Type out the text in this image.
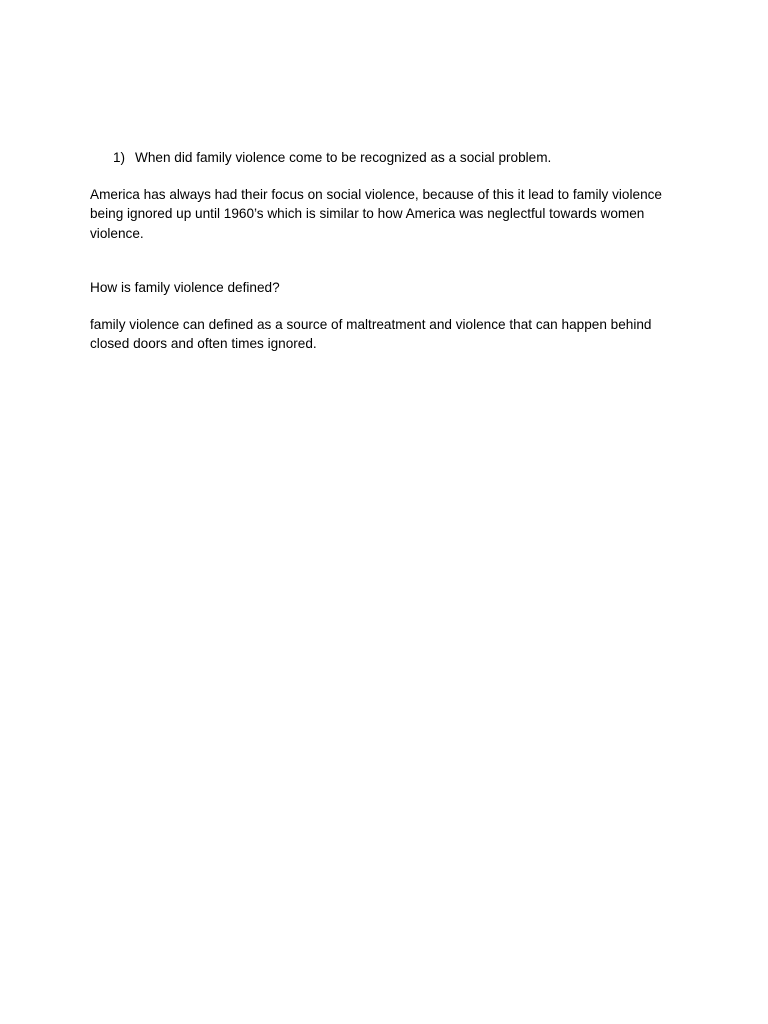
1) When did family violence come to be recognized as a social problem.

America has always had their focus on social violence, because of this it lead to family violence being ignored up until 1960’s which is similar to how America was neglectful towards women violence.

How is family violence defined?

family violence can defined as a source of maltreatment and violence that can happen behind closed doors and often times ignored.
